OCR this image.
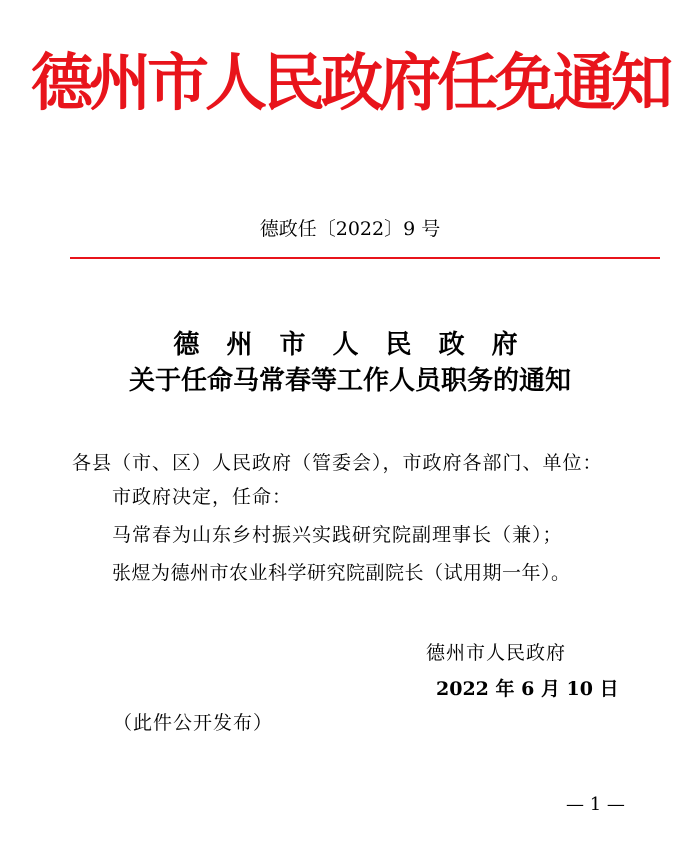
德州市人民政府任免通知
德政任〔2022〕9 号
德 州 市 人 民 政 府
关于任命马常春等工作人员职务的通知
各县（市、区）人民政府（管委会），市政府各部门、单位：
市政府决定，任命：
马常春为山东乡村振兴实践研究院副理事长（兼）；
张煜为德州市农业科学研究院副院长（试用期一年）。
德州市人民政府
2022 年 6 月 10 日
（此件公开发布）
— 1 —
